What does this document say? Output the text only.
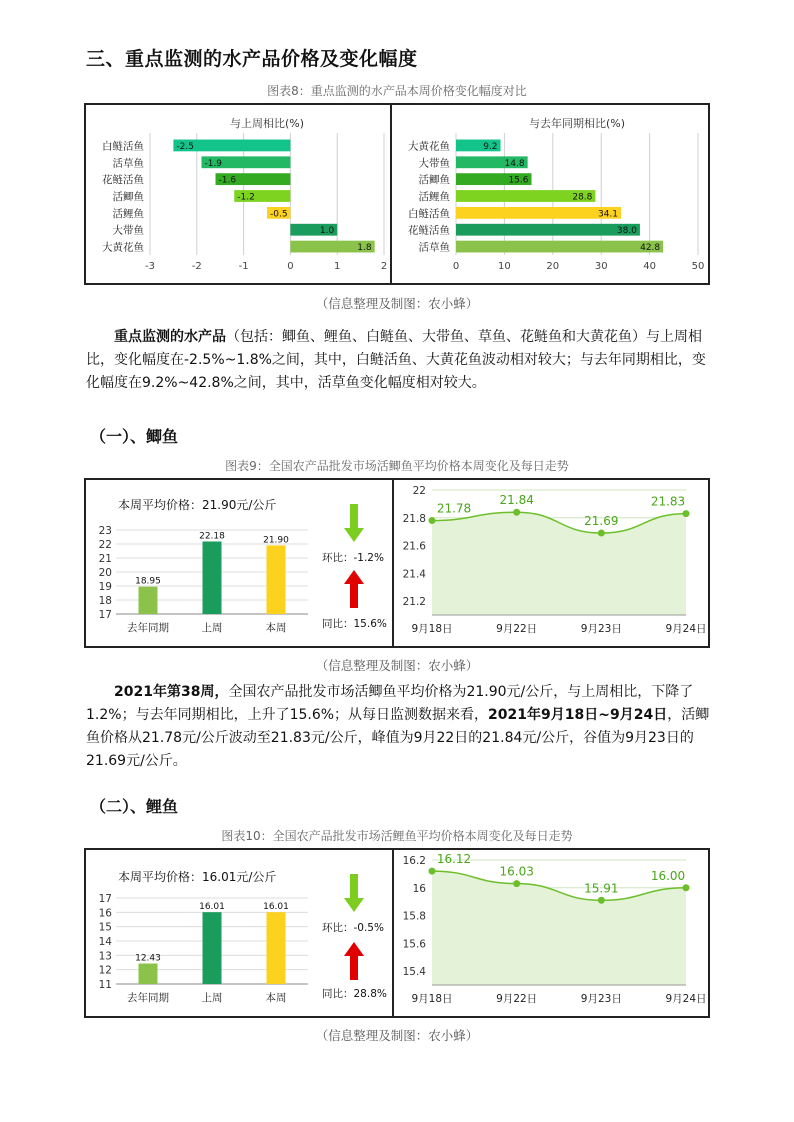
三、重点监测的水产品价格及变化幅度
图表8：重点监测的水产品本周价格变化幅度对比
与上周相比(%)
-3	-2	-1	0	1	2
白鲢活鱼	-2.5
活草鱼	-1.9
花鲢活鱼	-1.6
活鲫鱼	-1.2
活鲤鱼	-0.5
大带鱼	1.0
大黄花鱼	1.8
与去年同期相比(%)
0	10	20	30	40	50
大黄花鱼	9.2
大带鱼	14.8
活鲫鱼	15.6
活鲤鱼	28.8
白鲢活鱼	34.1
花鲢活鱼	38.0
活草鱼	42.8
（信息整理及制图：农小蜂）

重点监测的水产品（包括：鲫鱼、鲤鱼、白鲢鱼、大带鱼、草鱼、花鲢鱼和大黄花鱼）与上周相比，变化幅度在-2.5%~1.8%之间，其中，白鲢活鱼、大黄花鱼波动相对较大；与去年同期相比，变化幅度在9.2%~42.8%之间，其中，活草鱼变化幅度相对较大。

（一）、鲫鱼
图表9：全国农产品批发市场活鲫鱼平均价格本周变化及每日走势
本周平均价格：21.90元/公斤
17
18
19
20
21
22
23
18.95
去年同期
22.18
上周
21.90
本周
环比：-1.2%
同比：15.6%
21.2
21.4
21.6
21.8
22
21.78
9月18日
21.84
9月22日
21.69
9月23日
21.83
9月24日
（信息整理及制图：农小蜂）

2021年第38周，全国农产品批发市场活鲫鱼平均价格为21.90元/公斤，与上周相比，下降了1.2%；与去年同期相比，上升了15.6%；从每日监测数据来看，2021年9月18日~9月24日，活鲫鱼价格从21.78元/公斤波动至21.83元/公斤，峰值为9月22日的21.84元/公斤，谷值为9月23日的21.69元/公斤。

（二）、鲤鱼
图表10：全国农产品批发市场活鲤鱼平均价格本周变化及每日走势
本周平均价格：16.01元/公斤
11
12
13
14
15
16
17
12.43
去年同期
16.01
上周
16.01
本周
环比：-0.5%
同比：28.8%
15.4
15.6
15.8
16
16.2 16.12
9月18日
16.03
9月22日
15.91
9月23日
16.00
9月24日
（信息整理及制图：农小蜂）
